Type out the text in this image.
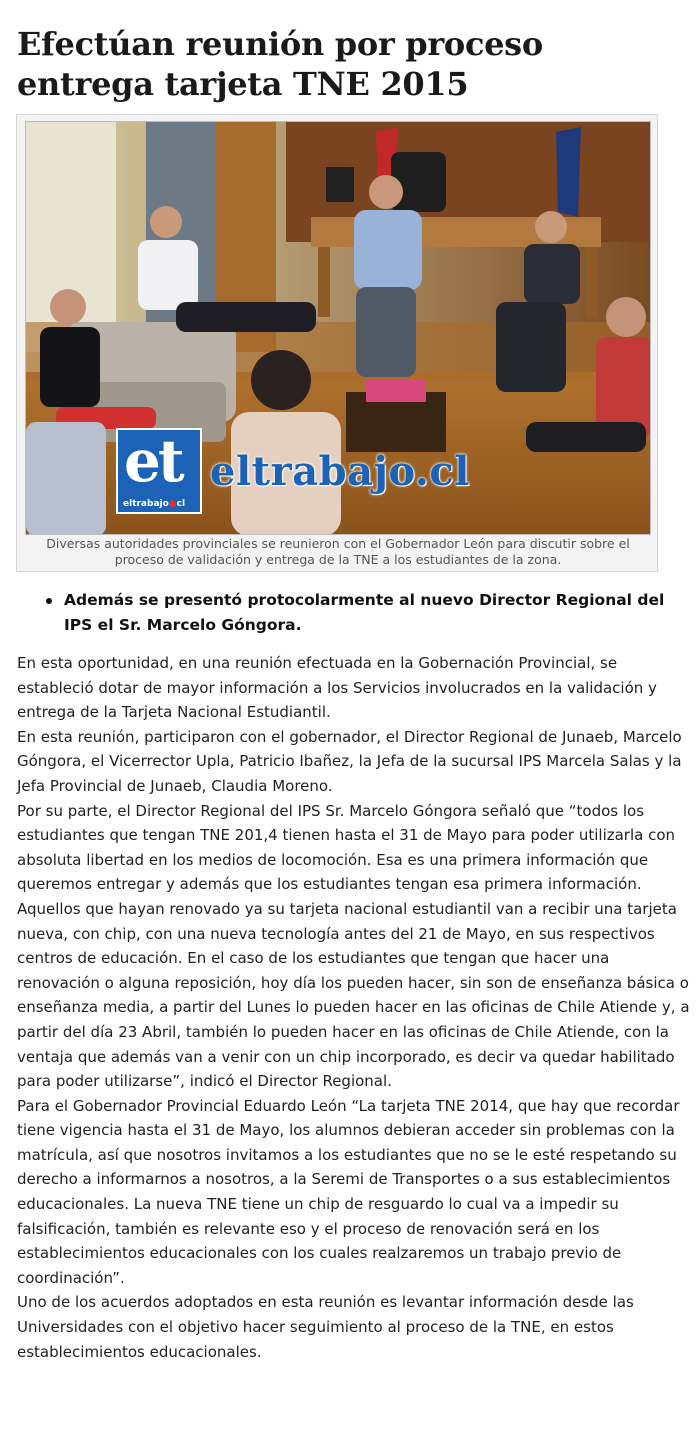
Efectúan reunión por proceso entrega tarjeta TNE 2015
et
eltrabajo●cl
eltrabajo.cl
Diversas autoridades provinciales se reunieron con el Gobernador León para discutir sobre el proceso de validación y entrega de la TNE a los estudiantes de la zona.

Además se presentó protocolarmente al nuevo Director Regional del IPS el Sr. Marcelo Góngora.

En esta oportunidad, en una reunión efectuada en la Gobernación Provincial, se estableció dotar de mayor información a los Servicios involucrados en la validación y entrega de la Tarjeta Nacional Estudiantil.

En esta reunión, participaron con el gobernador, el Director Regional de Junaeb, Marcelo Góngora, el Vicerrector Upla, Patricio Ibañez, la Jefa de la sucursal IPS Marcela Salas y la Jefa Provincial de Junaeb, Claudia Moreno.

Por su parte, el Director Regional del IPS Sr. Marcelo Góngora señaló que “todos los estudiantes que tengan TNE 201,4 tienen hasta el 31 de Mayo para poder utilizarla con absoluta libertad en los medios de locomoción. Esa es una primera información que queremos entregar y además que los estudiantes tengan esa primera información. Aquellos que hayan renovado ya su tarjeta nacional estudiantil van a recibir una tarjeta nueva, con chip, con una nueva tecnología antes del 21 de Mayo, en sus respectivos centros de educación. En el caso de los estudiantes que tengan que hacer una renovación o alguna reposición, hoy día los pueden hacer, sin son de enseñanza básica o enseñanza media, a partir del Lunes lo pueden hacer en las oficinas de Chile Atiende y, a partir del día 23 Abril, también lo pueden hacer en las oficinas de Chile Atiende, con la ventaja que además van a venir con un chip incorporado, es decir va quedar habilitado para poder utilizarse”, indicó el Director Regional.

Para el Gobernador Provincial Eduardo León “La tarjeta TNE 2014, que hay que recordar tiene vigencia hasta el 31 de Mayo, los alumnos debieran acceder sin problemas con la matrícula, así que nosotros invitamos a los estudiantes que no se le esté respetando su derecho a informarnos a nosotros, a la Seremi de Transportes o a sus establecimientos educacionales. La nueva TNE tiene un chip de resguardo lo cual va a impedir su falsificación, también es relevante eso y el proceso de renovación será en los establecimientos educacionales con los cuales realzaremos un trabajo previo de coordinación”.

Uno de los acuerdos adoptados en esta reunión es levantar información desde las Universidades con el objetivo hacer seguimiento al proceso de la TNE, en estos establecimientos educacionales.
